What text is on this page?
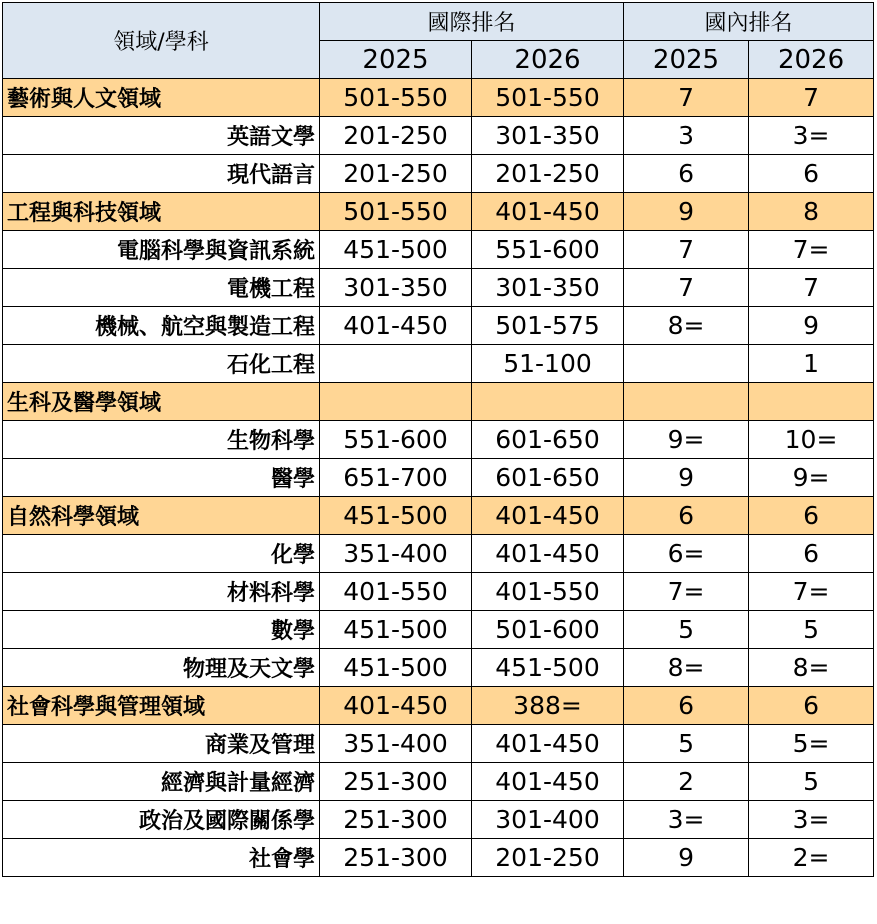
領域/學科	國際排名		國內排名	
	2025	2026	2025	2026
藝術與人文領域	501-550	501-550	7	7
英語文學	201-250	301-350	3	3=
現代語言	201-250	201-250	6	6
工程與科技領域	501-550	401-450	9	8
電腦科學與資訊系統	451-500	551-600	7	7=
電機工程	301-350	301-350	7	7
機械、航空與製造工程	401-450	501-575	8=	9
石化工程		51-100		1
生科及醫學領域				
生物科學	551-600	601-650	9=	10=
醫學	651-700	601-650	9	9=
自然科學領域	451-500	401-450	6	6
化學	351-400	401-450	6=	6
材料科學	401-550	401-550	7=	7=
數學	451-500	501-600	5	5
物理及天文學	451-500	451-500	8=	8=
社會科學與管理領域	401-450	388=	6	6
商業及管理	351-400	401-450	5	5=
經濟與計量經濟	251-300	401-450	2	5
政治及國際關係學	251-300	301-400	3=	3=
社會學	251-300	201-250	9	2=
